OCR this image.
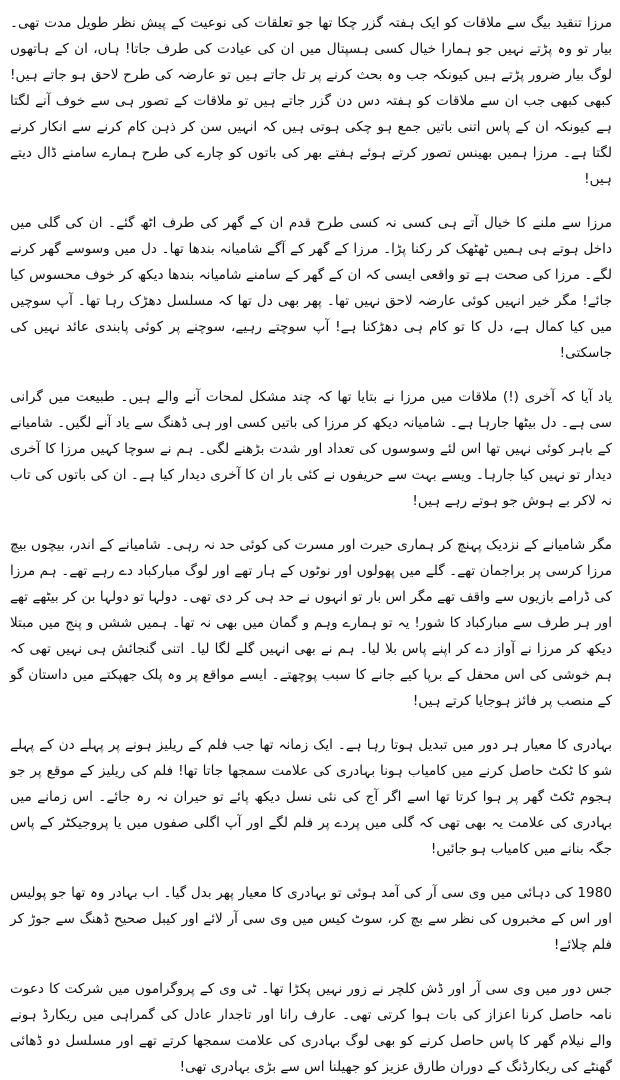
مرزا تنقید بیگ سے ملاقات کو ایک ہفتہ گزر چکا تھا جو تعلقات کی نوعیت کے پیش نظر طویل مدت تھی۔ بیار تو وہ پڑتے نہیں جو ہمارا خیال کسی ہسپتال میں ان کی عیادت کی طرف جاتا! ہاں، ان کے ہاتھوں لوگ بیار ضرور پڑتے ہیں کیونکہ جب وہ بحث کرنے پر تل جاتے ہیں تو عارضہ کی طرح لاحق ہو جاتے ہیں! کبھی کبھی جب ان سے ملاقات کو ہفتہ دس دن گزر جاتے ہیں تو ملاقات کے تصور ہی سے خوف آنے لگتا ہے کیونکہ ان کے پاس اتنی باتیں جمع ہو چکی ہوتی ہیں کہ انہیں سن کر ذہن کام کرنے سے انکار کرنے لگتا ہے۔ مرزا ہمیں بھینس تصور کرتے ہوئے ہفتے بھر کی باتوں کو چارے کی طرح ہمارے سامنے ڈال دیتے ہیں!

مرزا سے ملنے کا خیال آتے ہی کسی نہ کسی طرح قدم ان کے گھر کی طرف اٹھ گئے۔ ان کی گلی میں داخل ہوتے ہی ہمیں ٹھٹھک کر رکنا پڑا۔ مرزا کے گھر کے آگے شامیانہ بندھا تھا۔ دل میں وسوسے گھر کرنے لگے۔ مرزا کی صحت ہے تو واقعی ایسی کہ ان کے گھر کے سامنے شامیانہ بندھا دیکھ کر خوف محسوس کیا جائے! مگر خیر انہیں کوئی عارضہ لاحق نہیں تھا۔ پھر بھی دل تھا کہ مسلسل دھڑک رہا تھا۔ آپ سوچیں میں کیا کمال ہے، دل کا تو کام ہی دھڑکنا ہے! آپ سوچتے رہیے، سوچنے پر کوئی پابندی عائد نہیں کی جاسکتی!

یاد آیا کہ آخری (!) ملاقات میں مرزا نے بتایا تھا کہ چند مشکل لمحات آنے والے ہیں۔ طبیعت میں گرانی سی ہے۔ دل بیٹھا جارہا ہے۔ شامیانہ دیکھ کر مرزا کی باتیں کسی اور ہی ڈھنگ سے یاد آنے لگیں۔ شامیانے کے باہر کوئی نہیں تھا اس لئے وسوسوں کی تعداد اور شدت بڑھنے لگی۔ ہم نے سوچا کہیں مرزا کا آخری دیدار تو نہیں کیا جارہا۔ ویسے بہت سے حریفوں نے کئی بار ان کا آخری دیدار کیا ہے۔ ان کی باتوں کی تاب نہ لاکر بے ہوش جو ہوتے رہے ہیں!

مگر شامیانے کے نزدیک پہنچ کر ہماری حیرت اور مسرت کی کوئی حد نہ رہی۔ شامیانے کے اندر، بیچوں بیچ مرزا کرسی پر براجمان تھے۔ گلے میں پھولوں اور نوٹوں کے ہار تھے اور لوگ مبارکباد دے رہے تھے۔ ہم مرزا کی ڈرامے بازیوں سے واقف تھے مگر اس بار تو انہوں نے حد ہی کر دی تھی۔ دولہا تو دولہا بن کر بیٹھے تھے اور ہر طرف سے مبارکباد کا شور! یہ تو ہمارے وہم و گمان میں بھی نہ تھا۔ ہمیں ششں و پنج میں مبتلا دیکھ کر مرزا نے آواز دے کر اپنے پاس بلا لیا۔ ہم نے بھی انہیں گلے لگا لیا۔ اتنی گنجائش ہی نہیں تھی کہ ہم خوشی کی اس محفل کے برپا کیے جانے کا سبب پوچھتے۔ ایسے مواقع پر وہ پلک جھپکتے میں داستان گو کے منصب پر فائز ہوجایا کرتے ہیں!

بہادری کا معیار ہر دور میں تبدیل ہوتا رہا ہے۔ ایک زمانہ تھا جب فلم کے ریلیز ہونے پر پہلے دن کے پہلے شو کا ٹکٹ حاصل کرنے میں کامیاب ہونا بہادری کی علامت سمجھا جاتا تھا! فلم کی ریلیز کے موقع پر جو ہجوم ٹکٹ گھر پر ہوا کرتا تھا اسے اگر آج کی نئی نسل دیکھ پائے تو حیران نہ رہ جائے۔ اس زمانے میں بہادری کی علامت یہ بھی تھی کہ گلی میں پردے پر فلم لگے اور آپ اگلی صفوں میں یا پروجیکٹر کے پاس جگہ بنانے میں کامیاب ہو جائیں!

1980 کی دہائی میں وی سی آر کی آمد ہوئی تو بہادری کا معیار پھر بدل گیا۔ اب بہادر وہ تھا جو پولیس اور اس کے مخبروں کی نظر سے بچ کر، سوٹ کیس میں وی سی آر لائے اور کیبل صحیح ڈھنگ سے جوڑ کر فلم چلائے!

جس دور میں وی سی آر اور ڈش کلچر نے زور نہیں پکڑا تھا۔ ٹی وی کے پروگراموں میں شرکت کا دعوت نامہ حاصل کرنا اعزاز کی بات ہوا کرتی تھی۔ عارف رانا اور تاجدار عادل کی گمراہی میں ریکارڈ ہونے والے نیلام گھر کا پاس حاصل کرنے کو بھی لوگ بہادری کی علامت سمجھا کرتے تھے اور مسلسل دو ڈھائی گھنٹے کی ریکارڈنگ کے دوران طارق عزیز کو جھیلنا اس سے بڑی بہادری تھی!
